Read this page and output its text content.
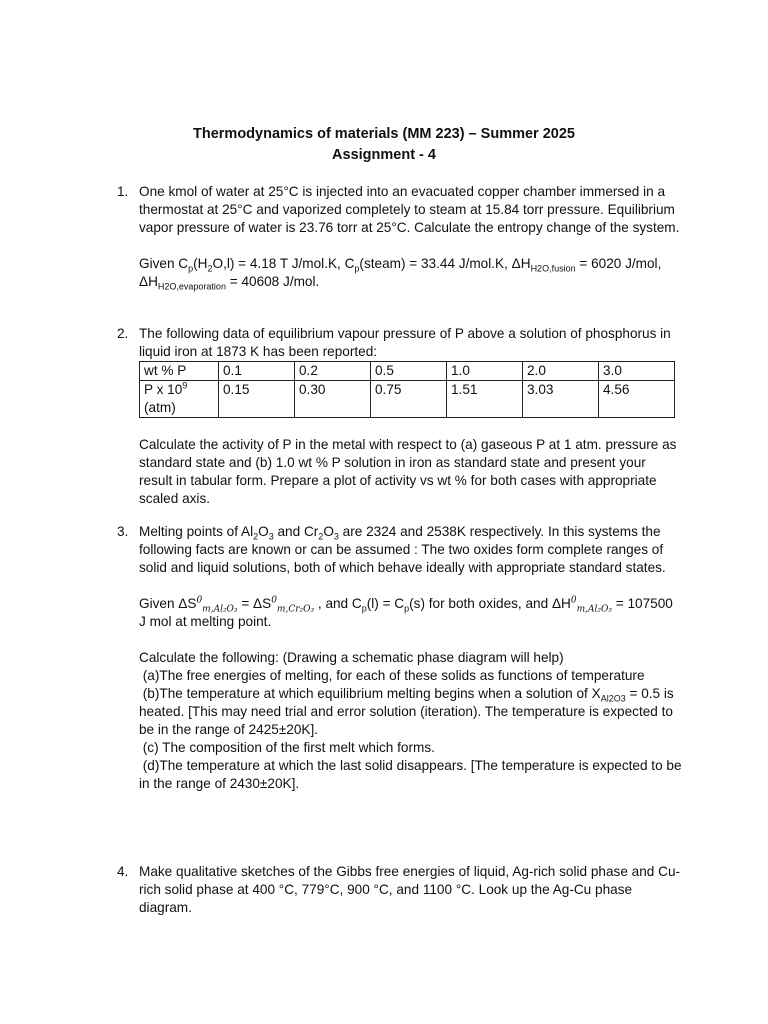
Thermodynamics of materials (MM 223) – Summer 2025
Assignment - 4
1. One kmol of water at 25°C is injected into an evacuated copper chamber immersed in a thermostat at 25°C and vaporized completely to steam at 15.84 torr pressure. Equilibrium vapor pressure of water is 23.76 torr at 25°C. Calculate the entropy change of the system.

Given $C_p(H_2O,l) = 4.18$ T J/mol.K, $C_p(steam) = 33.44$ J/mol.K, $\Delta H_{H2O,fusion} = 6020$ J/mol, $\Delta H_{H2O,evaporation} = 40608$ J/mol.

2. The following data of equilibrium vapour pressure of P above a solution of phosphorus in liquid iron at 1873 K has been reported:

wt % P	0.1	0.2	0.5	1.0	2.0	3.0
P x $10^9$
(atm)	0.15	0.30	0.75	1.51	3.03	4.56

Calculate the activity of P in the metal with respect to (a) gaseous P at 1 atm. pressure as standard state and (b) 1.0 wt % P solution in iron as standard state and present your result in tabular form. Prepare a plot of activity vs wt % for both cases with appropriate scaled axis.

3. Melting points of $Al_2O_3$ and $Cr_2O_3$ are 2324 and 2538K respectively. In this systems the following facts are known or can be assumed : The two oxides form complete ranges of solid and liquid solutions, both of which behave ideally with appropriate standard states.

Given $\Delta S^0_{m,Al_2O_3} = \Delta S^0_{m,Cr_2O_3}$ , and $C_p(l) = C_p(s)$ for both oxides, and $\Delta H^0_{m,Al_2O_3} = 107500$ J mol at melting point.

Calculate the following: (Drawing a schematic phase diagram will help)

(a)The free energies of melting, for each of these solids as functions of temperature

(b)The temperature at which equilibrium melting begins when a solution of $X_{Al2O3} = 0.5$ is heated. [This may need trial and error solution (iteration). The temperature is expected to be in the range of 2425±20K].

(c) The composition of the first melt which forms.

(d)The temperature at which the last solid disappears. [The temperature is expected to be in the range of 2430±20K].

4. Make qualitative sketches of the Gibbs free energies of liquid, Ag-rich solid phase and Cu-rich solid phase at 400 °C, 779°C, 900 °C, and 1100 °C. Look up the Ag-Cu phase diagram.
